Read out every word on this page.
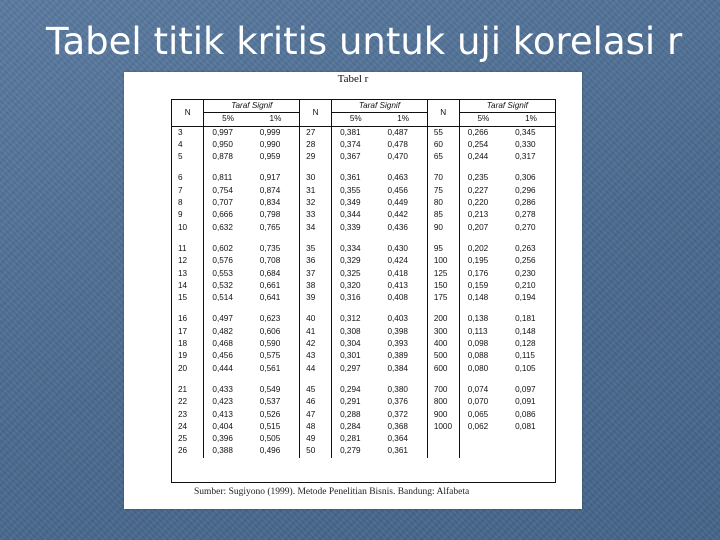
Tabel titik kritis untuk uji korelasi r
Tabel r
N	Taraf Signif		N	Taraf Signif		N	Taraf Signif	
	5%	1%		5%	1%		5%	1%
3	0,997	0,999	27	0,381	0,487	55	0,266	0,345
4	0,950	0,990	28	0,374	0,478	60	0,254	0,330
5	0,878	0,959	29	0,367	0,470	65	0,244	0,317

6	0,811	0,917	30	0,361	0,463	70	0,235	0,306
7	0,754	0,874	31	0,355	0,456	75	0,227	0,296
8	0,707	0,834	32	0,349	0,449	80	0,220	0,286
9	0,666	0,798	33	0,344	0,442	85	0,213	0,278
10	0,632	0,765	34	0,339	0,436	90	0,207	0,270

11	0,602	0,735	35	0,334	0,430	95	0,202	0,263
12	0,576	0,708	36	0,329	0,424	100	0,195	0,256
13	0,553	0,684	37	0,325	0,418	125	0,176	0,230
14	0,532	0,661	38	0,320	0,413	150	0,159	0,210
15	0,514	0,641	39	0,316	0,408	175	0,148	0,194

16	0,497	0,623	40	0,312	0,403	200	0,138	0,181
17	0,482	0,606	41	0,308	0,398	300	0,113	0,148
18	0,468	0,590	42	0,304	0,393	400	0,098	0,128
19	0,456	0,575	43	0,301	0,389	500	0,088	0,115
20	0,444	0,561	44	0,297	0,384	600	0,080	0,105

21	0,433	0,549	45	0,294	0,380	700	0,074	0,097
22	0,423	0,537	46	0,291	0,376	800	0,070	0,091
23	0,413	0,526	47	0,288	0,372	900	0,065	0,086
24	0,404	0,515	48	0,284	0,368	1000	0,062	0,081
25	0,396	0,505	49	0,281	0,364			
26	0,388	0,496	50	0,279	0,361			
Sumber: Sugiyono (1999). Metode Penelitian Bisnis. Bandung: Alfabeta
